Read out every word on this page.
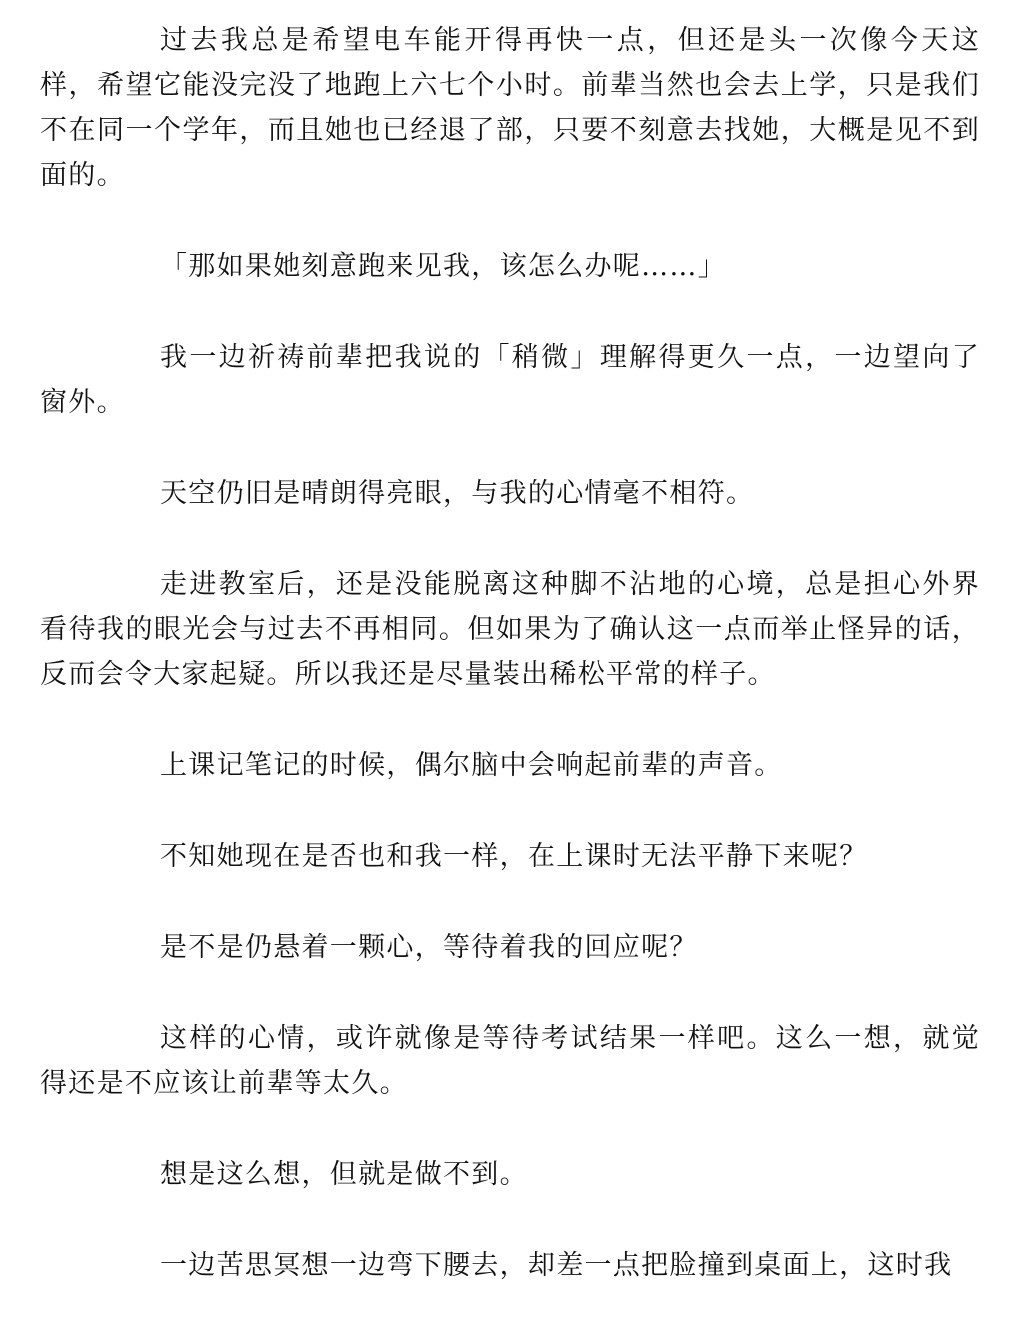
过去我总是希望电车能开得再快一点，但还是头一次像今天这样，希望它能没完没了地跑上六七个小时。前辈当然也会去上学，只是我们不在同一个学年，而且她也已经退了部，只要不刻意去找她，大概是见不到面的。

「那如果她刻意跑来见我，该怎么办呢……」

我一边祈祷前辈把我说的「稍微」理解得更久一点，一边望向了窗外。

天空仍旧是晴朗得亮眼，与我的心情毫不相符。

走进教室后，还是没能脱离这种脚不沾地的心境，总是担心外界看待我的眼光会与过去不再相同。但如果为了确认这一点而举止怪异的话，反而会令大家起疑。所以我还是尽量装出稀松平常的样子。

上课记笔记的时候，偶尔脑中会响起前辈的声音。

不知她现在是否也和我一样，在上课时无法平静下来呢？

是不是仍悬着一颗心，等待着我的回应呢？

这样的心情，或许就像是等待考试结果一样吧。这么一想，就觉得还是不应该让前辈等太久。

想是这么想，但就是做不到。

一边苦思冥想一边弯下腰去，却差一点把脸撞到桌面上，这时我
